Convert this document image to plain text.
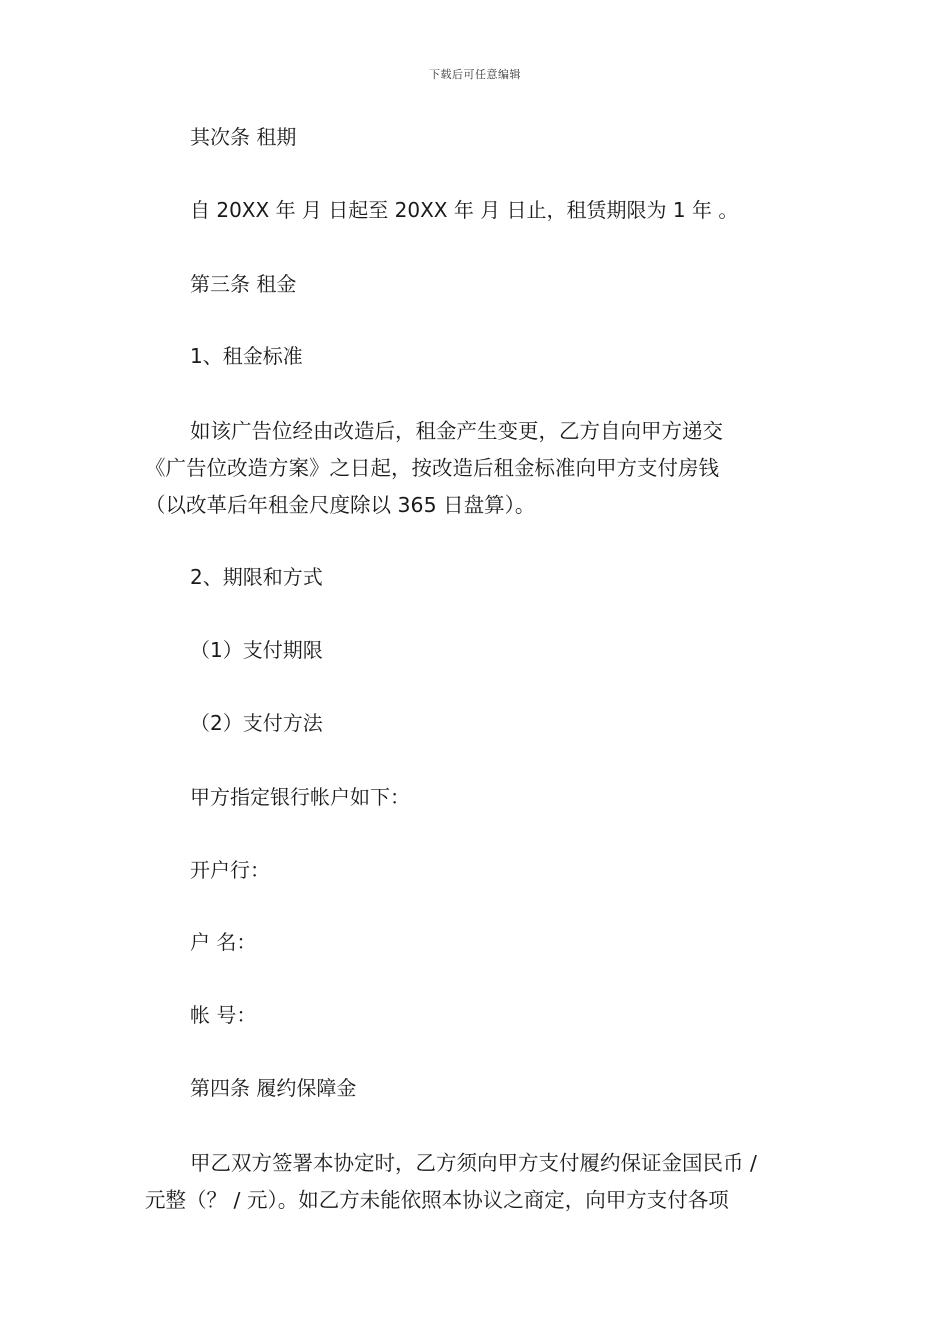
下载后可任意编辑
其次条 租期
自 20XX 年 月 日起至 20XX 年 月 日止，租赁期限为 1 年 。
第三条 租金
1、租金标准
如该广告位经由改造后，租金产生变更，乙方自向甲方递交
《广告位改造方案》之日起，按改造后租金标准向甲方支付房钱
（以改革后年租金尺度除以 365 日盘算）。
2、期限和方式
（1）支付期限
（2）支付方法
甲方指定银行帐户如下：
开户行：
户 名：
帐 号：
第四条 履约保障金
甲乙双方签署本协定时，乙方须向甲方支付履约保证金国民币 /
元整（？ / 元）。如乙方未能依照本协议之商定，向甲方支付各项
